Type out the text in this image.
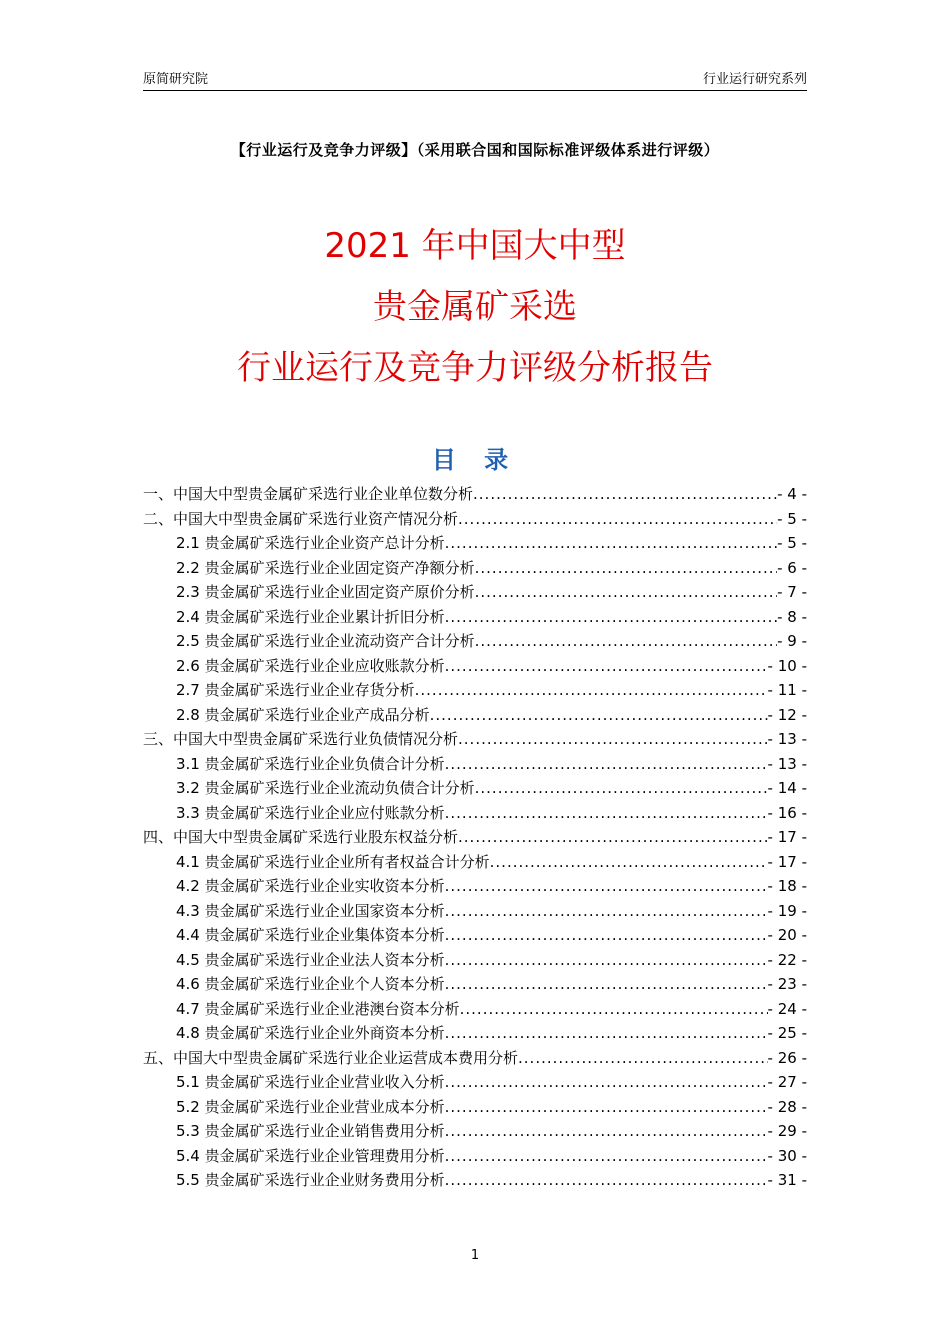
原简研究院	行业运行研究系列
【行业运行及竞争力评级】（采用联合国和国际标准评级体系进行评级）
2021 年中国大中型
贵金属矿采选
行业运行及竞争力评级分析报告
目 录
一、中国大中型贵金属矿采选行业企业单位数分析 .....	- 4 -
二、中国大中型贵金属矿采选行业资产情况分析 .....	- 5 -
2.1 贵金属矿采选行业企业资产总计分析 .....	- 5 -
2.2 贵金属矿采选行业企业固定资产净额分析 .....	- 6 -
2.3 贵金属矿采选行业企业固定资产原价分析 .....	- 7 -
2.4 贵金属矿采选行业企业累计折旧分析 .....	- 8 -
2.5 贵金属矿采选行业企业流动资产合计分析 .....	- 9 -
2.6 贵金属矿采选行业企业应收账款分析 .....	- 10 -
2.7 贵金属矿采选行业企业存货分析 .....	- 11 -
2.8 贵金属矿采选行业企业产成品分析 .....	- 12 -
三、中国大中型贵金属矿采选行业负债情况分析 .....	- 13 -
3.1 贵金属矿采选行业企业负债合计分析 .....	- 13 -
3.2 贵金属矿采选行业企业流动负债合计分析 .....	- 14 -
3.3 贵金属矿采选行业企业应付账款分析 .....	- 16 -
四、中国大中型贵金属矿采选行业股东权益分析 .....	- 17 -
4.1 贵金属矿采选行业企业所有者权益合计分析 .....	- 17 -
4.2 贵金属矿采选行业企业实收资本分析 .....	- 18 -
4.3 贵金属矿采选行业企业国家资本分析 .....	- 19 -
4.4 贵金属矿采选行业企业集体资本分析 .....	- 20 -
4.5 贵金属矿采选行业企业法人资本分析 .....	- 22 -
4.6 贵金属矿采选行业企业个人资本分析 .....	- 23 -
4.7 贵金属矿采选行业企业港澳台资本分析 .....	- 24 -
4.8 贵金属矿采选行业企业外商资本分析 .....	- 25 -
五、中国大中型贵金属矿采选行业企业运营成本费用分析 .....	- 26 -
5.1 贵金属矿采选行业企业营业收入分析 .....	- 27 -
5.2 贵金属矿采选行业企业营业成本分析 .....	- 28 -
5.3 贵金属矿采选行业企业销售费用分析 .....	- 29 -
5.4 贵金属矿采选行业企业管理费用分析 .....	- 30 -
5.5 贵金属矿采选行业企业财务费用分析 .....	- 31 -
1
